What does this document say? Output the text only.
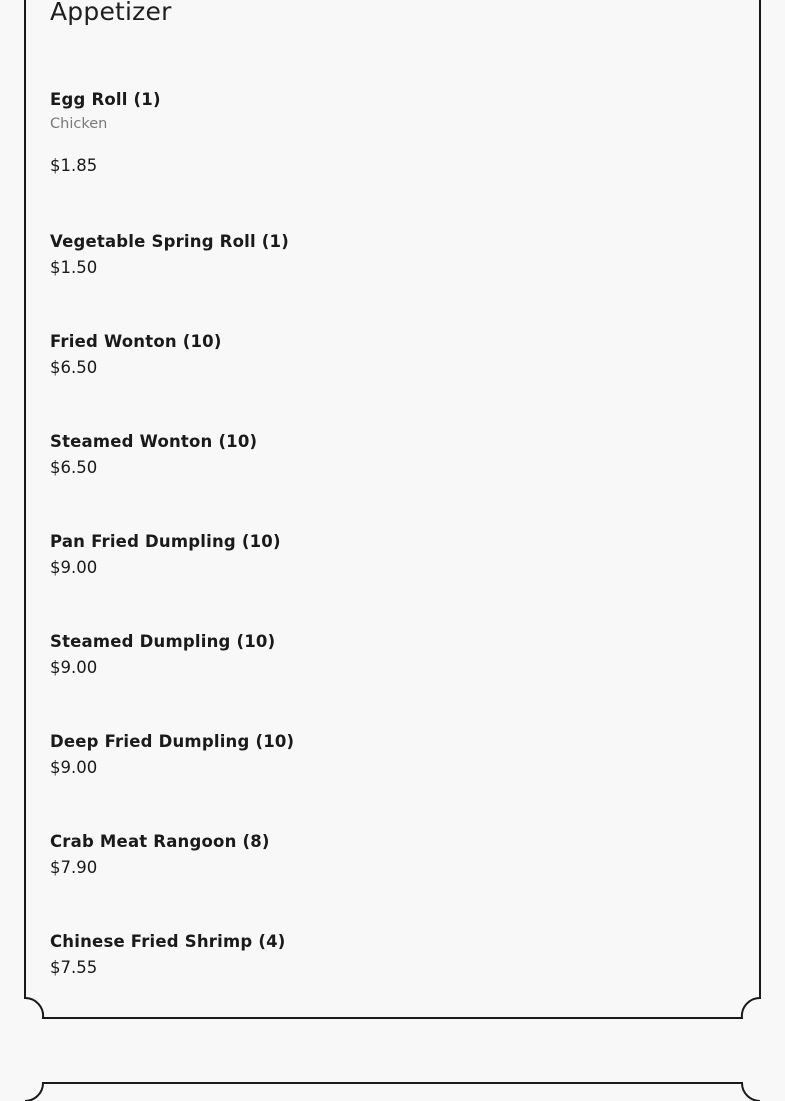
Appetizer
Egg Roll (1)
Chicken
$1.85
Vegetable Spring Roll (1)
$1.50
Fried Wonton (10)
$6.50
Steamed Wonton (10)
$6.50
Pan Fried Dumpling (10)
$9.00
Steamed Dumpling (10)
$9.00
Deep Fried Dumpling (10)
$9.00
Crab Meat Rangoon (8)
$7.90
Chinese Fried Shrimp (4)
$7.55
